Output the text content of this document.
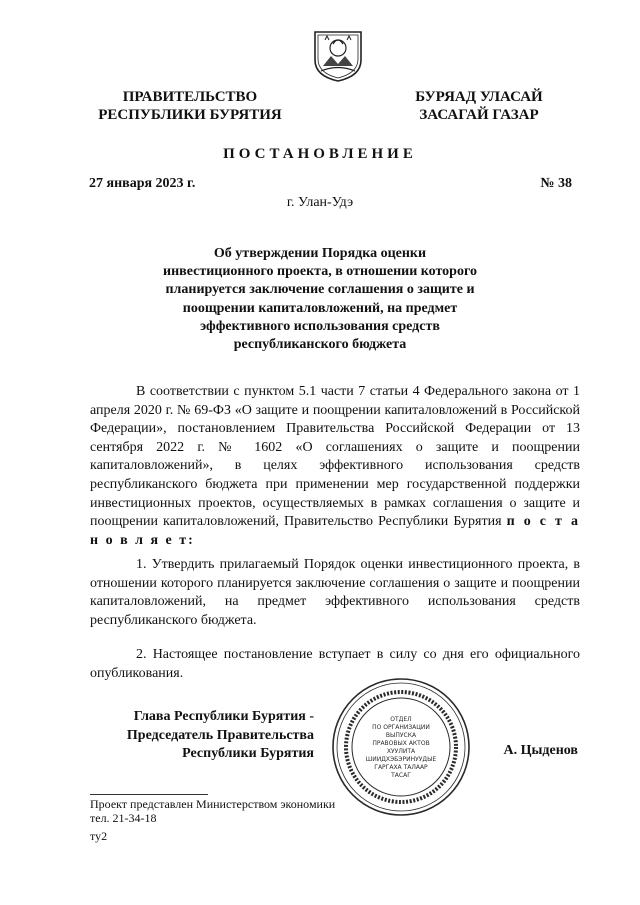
ПРАВИТЕЛЬСТВО
РЕСПУБЛИКИ БУРЯТИЯ
БУРЯАД УЛАСАЙ
ЗАСАГАЙ ГАЗАР
ПОСТАНОВЛЕНИЕ
27 января 2023 г.	№ 38
г. Улан-Удэ
Об утверждении Порядка оценки
инвестиционного проекта, в отношении которого
планируется заключение соглашения о защите и
поощрении капиталовложений, на предмет
эффективного использования средств
республиканского бюджета

В соответствии с пунктом 5.1 части 7 статьи 4 Федерального закона от 1 апреля 2020 г. № 69-ФЗ «О защите и поощрении капиталовложений в Российской Федерации», постановлением Правительства Российской Федерации от 13 сентября 2022 г. № 1602 «О соглашениях о защите и поощрении капиталовложений», в целях эффективного использования средств республиканского бюджета при применении мер государственной поддержки инвестиционных проектов, осуществляемых в рамках соглашения о защите и поощрении капиталовложений, Правительство Республики Бурятия п о с т а н о в л я е т:

1. Утвердить прилагаемый Порядок оценки инвестиционного проекта, в отношении которого планируется заключение соглашения о защите и поощрении капиталовложений, на предмет эффективного использования средств республиканского бюджета.

2. Настоящее постановление вступает в силу со дня его официального опубликования.

Глава Республики Бурятия -
Председатель Правительства
Республики Бурятия
ОТДЕЛ
ПО ОРГАНИЗАЦИИ
ВЫПУСКА
ПРАВОВЫХ АКТОВ
ХУУЛИТА
ШИИДХЭБЭРИНУУДЫЕ
ГАРГАХА ТАЛААР
ТАСАГ
А. Цыденов
Проект представлен Министерством экономики
тел. 21-34-18
ту2
